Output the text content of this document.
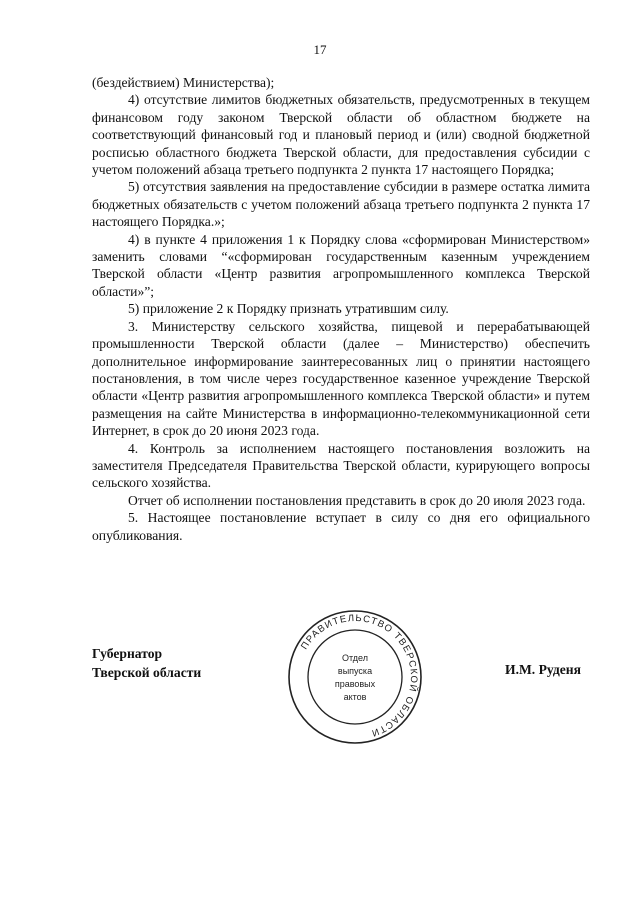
17

(бездействием) Министерства);

4) отсутствие лимитов бюджетных обязательств, предусмотренных в текущем финансовом году законом Тверской области об областном бюджете на соответствующий финансовый год и плановый период и (или) сводной бюджетной росписью областного бюджета Тверской области, для предоставления субсидии с учетом положений абзаца третьего подпункта 2 пункта 17 настоящего Порядка;

5) отсутствия заявления на предоставление субсидии в размере остатка лимита бюджетных обязательств с учетом положений абзаца третьего подпункта 2 пункта 17 настоящего Порядка.»;

4) в пункте 4 приложения 1 к Порядку слова «сформирован Министерством» заменить словами “«сформирован государственным казенным учреждением Тверской области «Центр развития агропромышленного комплекса Тверской области»”;

5) приложение 2 к Порядку признать утратившим силу.

3. Министерству сельского хозяйства, пищевой и перерабатывающей промышленности Тверской области (далее – Министерство) обеспечить дополнительное информирование заинтересованных лиц о принятии настоящего постановления, в том числе через государственное казенное учреждение Тверской области «Центр развития агропромышленного комплекса Тверской области» и путем размещения на сайте Министерства в информационно-телекоммуникационной сети Интернет, в срок до 20 июня 2023 года.

4. Контроль за исполнением настоящего постановления возложить на заместителя Председателя Правительства Тверской области, курирующего вопросы сельского хозяйства.

Отчет об исполнении постановления представить в срок до 20 июля 2023 года.

5. Настоящее постановление вступает в силу со дня его официального опубликования.

Губернатор
Тверской области	И.М. Руденя
ПРАВИТЕЛЬСТВО ТВЕРСКОЙ ОБЛАСТИ
Отдел
выпуска
правовых
актов
